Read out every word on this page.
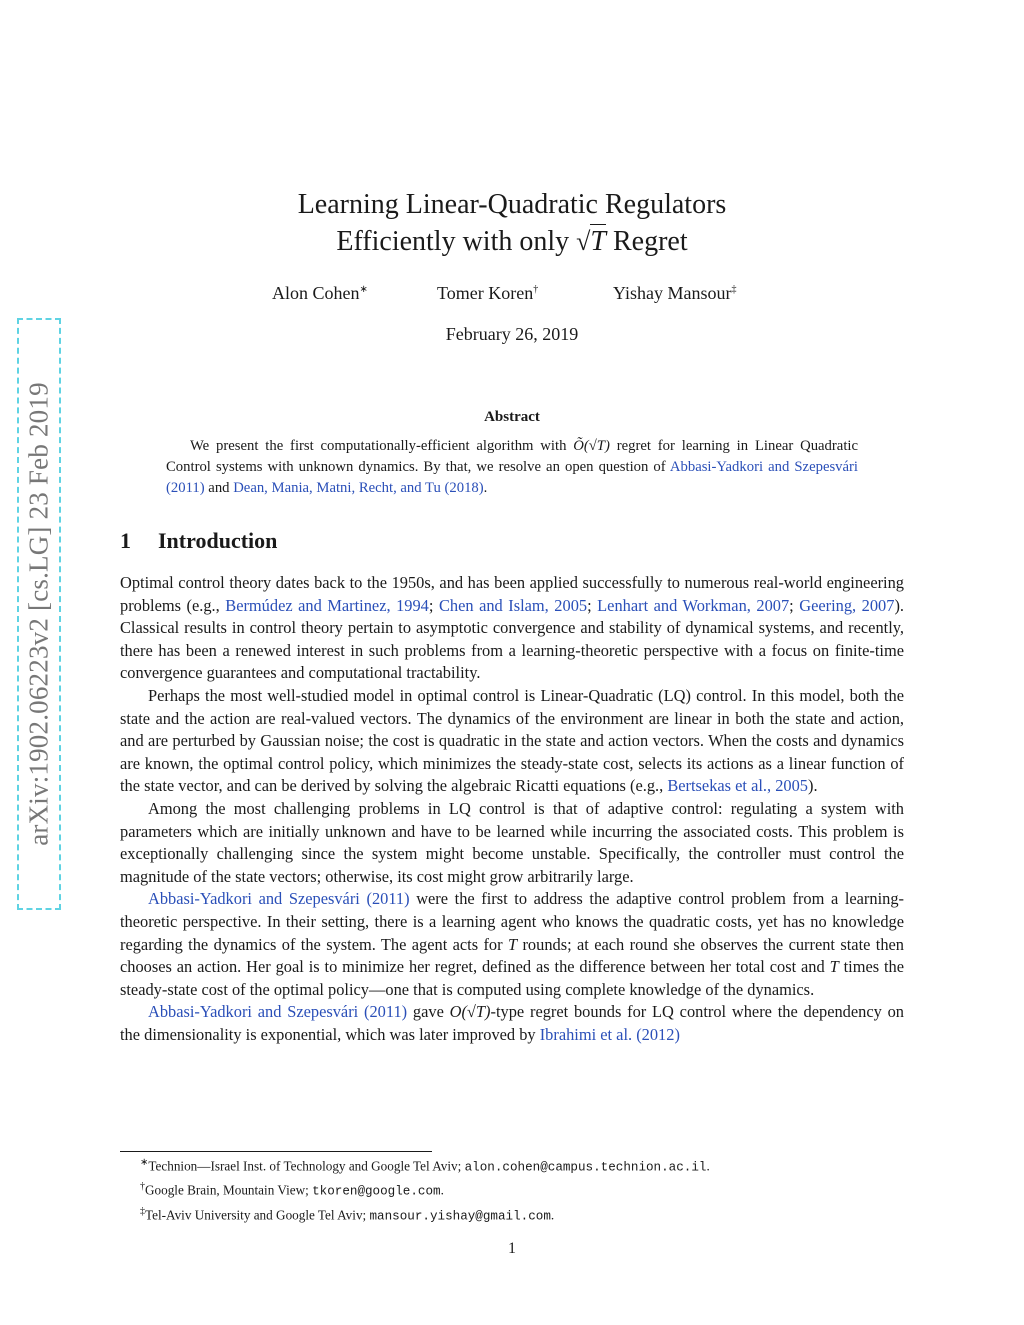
arXiv:1902.06223v2 [cs.LG] 23 Feb 2019
Learning Linear-Quadratic Regulators
Efficiently with only √T Regret
Alon Cohen∗	Tomer Koren†	Yishay Mansour‡
February 26, 2019
Abstract
We present the first computationally-efficient algorithm with Õ(√T) regret for learning in Linear Quadratic Control systems with unknown dynamics. By that, we resolve an open question of Abbasi-Yadkori and Szepesvári (2011) and Dean, Mania, Matni, Recht, and Tu (2018).
1 Introduction

Optimal control theory dates back to the 1950s, and has been applied successfully to numerous real-world engineering problems (e.g., Bermúdez and Martinez, 1994; Chen and Islam, 2005; Lenhart and Workman, 2007; Geering, 2007). Classical results in control theory pertain to asymptotic convergence and stability of dynamical systems, and recently, there has been a renewed interest in such problems from a learning-theoretic perspective with a focus on finite-time convergence guarantees and computational tractability.

Perhaps the most well-studied model in optimal control is Linear-Quadratic (LQ) control. In this model, both the state and the action are real-valued vectors. The dynamics of the environment are linear in both the state and action, and are perturbed by Gaussian noise; the cost is quadratic in the state and action vectors. When the costs and dynamics are known, the optimal control policy, which minimizes the steady-state cost, selects its actions as a linear function of the state vector, and can be derived by solving the algebraic Ricatti equations (e.g., Bertsekas et al., 2005).

Among the most challenging problems in LQ control is that of adaptive control: regulating a system with parameters which are initially unknown and have to be learned while incurring the associated costs. This problem is exceptionally challenging since the system might become unstable. Specifically, the controller must control the magnitude of the state vectors; otherwise, its cost might grow arbitrarily large.

Abbasi-Yadkori and Szepesvári (2011) were the first to address the adaptive control problem from a learning-theoretic perspective. In their setting, there is a learning agent who knows the quadratic costs, yet has no knowledge regarding the dynamics of the system. The agent acts for T rounds; at each round she observes the current state then chooses an action. Her goal is to minimize her regret, defined as the difference between her total cost and T times the steady-state cost of the optimal policy—one that is computed using complete knowledge of the dynamics.

Abbasi-Yadkori and Szepesvári (2011) gave O(√T)-type regret bounds for LQ control where the dependency on the dimensionality is exponential, which was later improved by Ibrahimi et al. (2012)

∗Technion—Israel Inst. of Technology and Google Tel Aviv; alon.cohen@campus.technion.ac.il.
†Google Brain, Mountain View; tkoren@google.com.
‡Tel-Aviv University and Google Tel Aviv; mansour.yishay@gmail.com.
1
